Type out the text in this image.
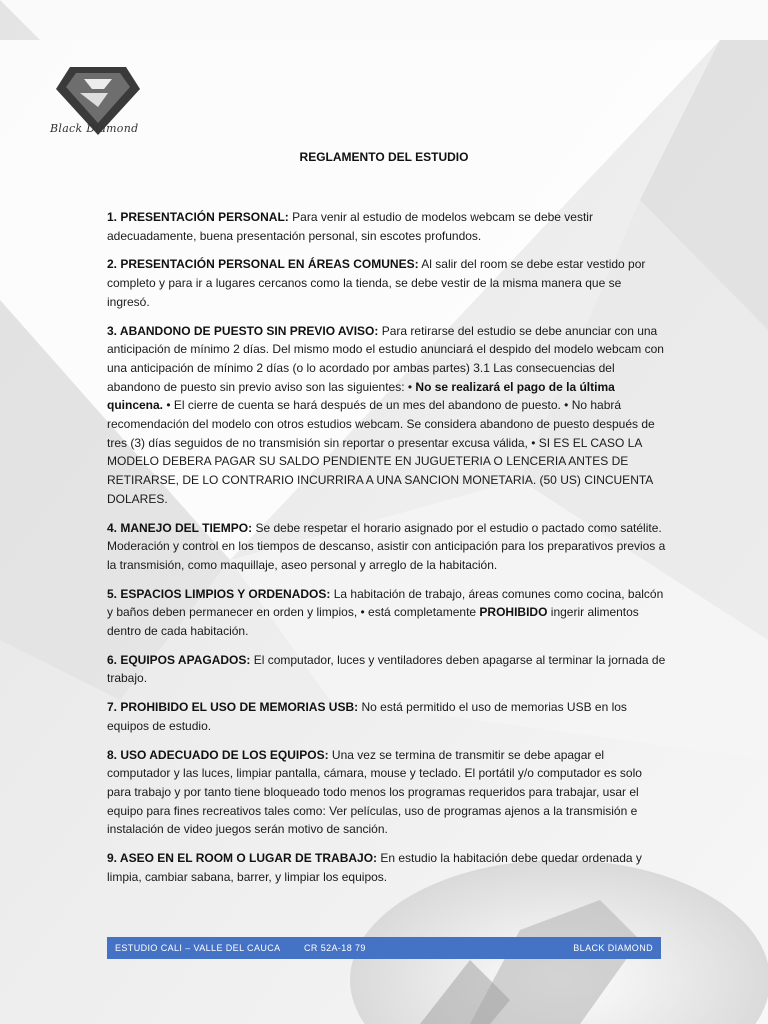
Black Diamond
REGLAMENTO DEL ESTUDIO

1. PRESENTACIÓN PERSONAL: Para venir al estudio de modelos webcam se debe vestir adecuadamente, buena presentación personal, sin escotes profundos.

2. PRESENTACIÓN PERSONAL EN ÁREAS COMUNES: Al salir del room se debe estar vestido por completo y para ir a lugares cercanos como la tienda, se debe vestir de la misma manera que se ingresó.

3. ABANDONO DE PUESTO SIN PREVIO AVISO: Para retirarse del estudio se debe anunciar con una anticipación de mínimo 2 días. Del mismo modo el estudio anunciará el despido del modelo webcam con una anticipación de mínimo 2 días (o lo acordado por ambas partes) 3.1 Las consecuencias del abandono de puesto sin previo aviso son las siguientes: • No se realizará el pago de la última quincena. • El cierre de cuenta se hará después de un mes del abandono de puesto. • No habrá recomendación del modelo con otros estudios webcam. Se considera abandono de puesto después de tres (3) días seguidos de no transmisión sin reportar o presentar excusa válida, • SI ES EL CASO LA MODELO DEBERA PAGAR SU SALDO PENDIENTE EN JUGUETERIA O LENCERIA ANTES DE RETIRARSE, DE LO CONTRARIO INCURRIRA A UNA SANCION MONETARIA. (50 US) CINCUENTA DOLARES.

4. MANEJO DEL TIEMPO: Se debe respetar el horario asignado por el estudio o pactado como satélite. Moderación y control en los tiempos de descanso, asistir con anticipación para los preparativos previos a la transmisión, como maquillaje, aseo personal y arreglo de la habitación.

5. ESPACIOS LIMPIOS Y ORDENADOS: La habitación de trabajo, áreas comunes como cocina, balcón y baños deben permanecer en orden y limpios, • está completamente PROHIBIDO ingerir alimentos dentro de cada habitación.

6. EQUIPOS APAGADOS: El computador, luces y ventiladores deben apagarse al terminar la jornada de trabajo.

7. PROHIBIDO EL USO DE MEMORIAS USB: No está permitido el uso de memorias USB en los equipos de estudio.

8. USO ADECUADO DE LOS EQUIPOS: Una vez se termina de transmitir se debe apagar el computador y las luces, limpiar pantalla, cámara, mouse y teclado. El portátil y/o computador es solo para trabajo y por tanto tiene bloqueado todo menos los programas requeridos para trabajar, usar el equipo para fines recreativos tales como: Ver películas, uso de programas ajenos a la transmisión e instalación de video juegos serán motivo de sanción.

9. ASEO EN EL ROOM O LUGAR DE TRABAJO: En estudio la habitación debe quedar ordenada y limpia, cambiar sabana, barrer, y limpiar los equipos.

ESTUDIO CALI – VALLE DEL CAUCA	CR 52A-18 79	BLACK DIAMOND
